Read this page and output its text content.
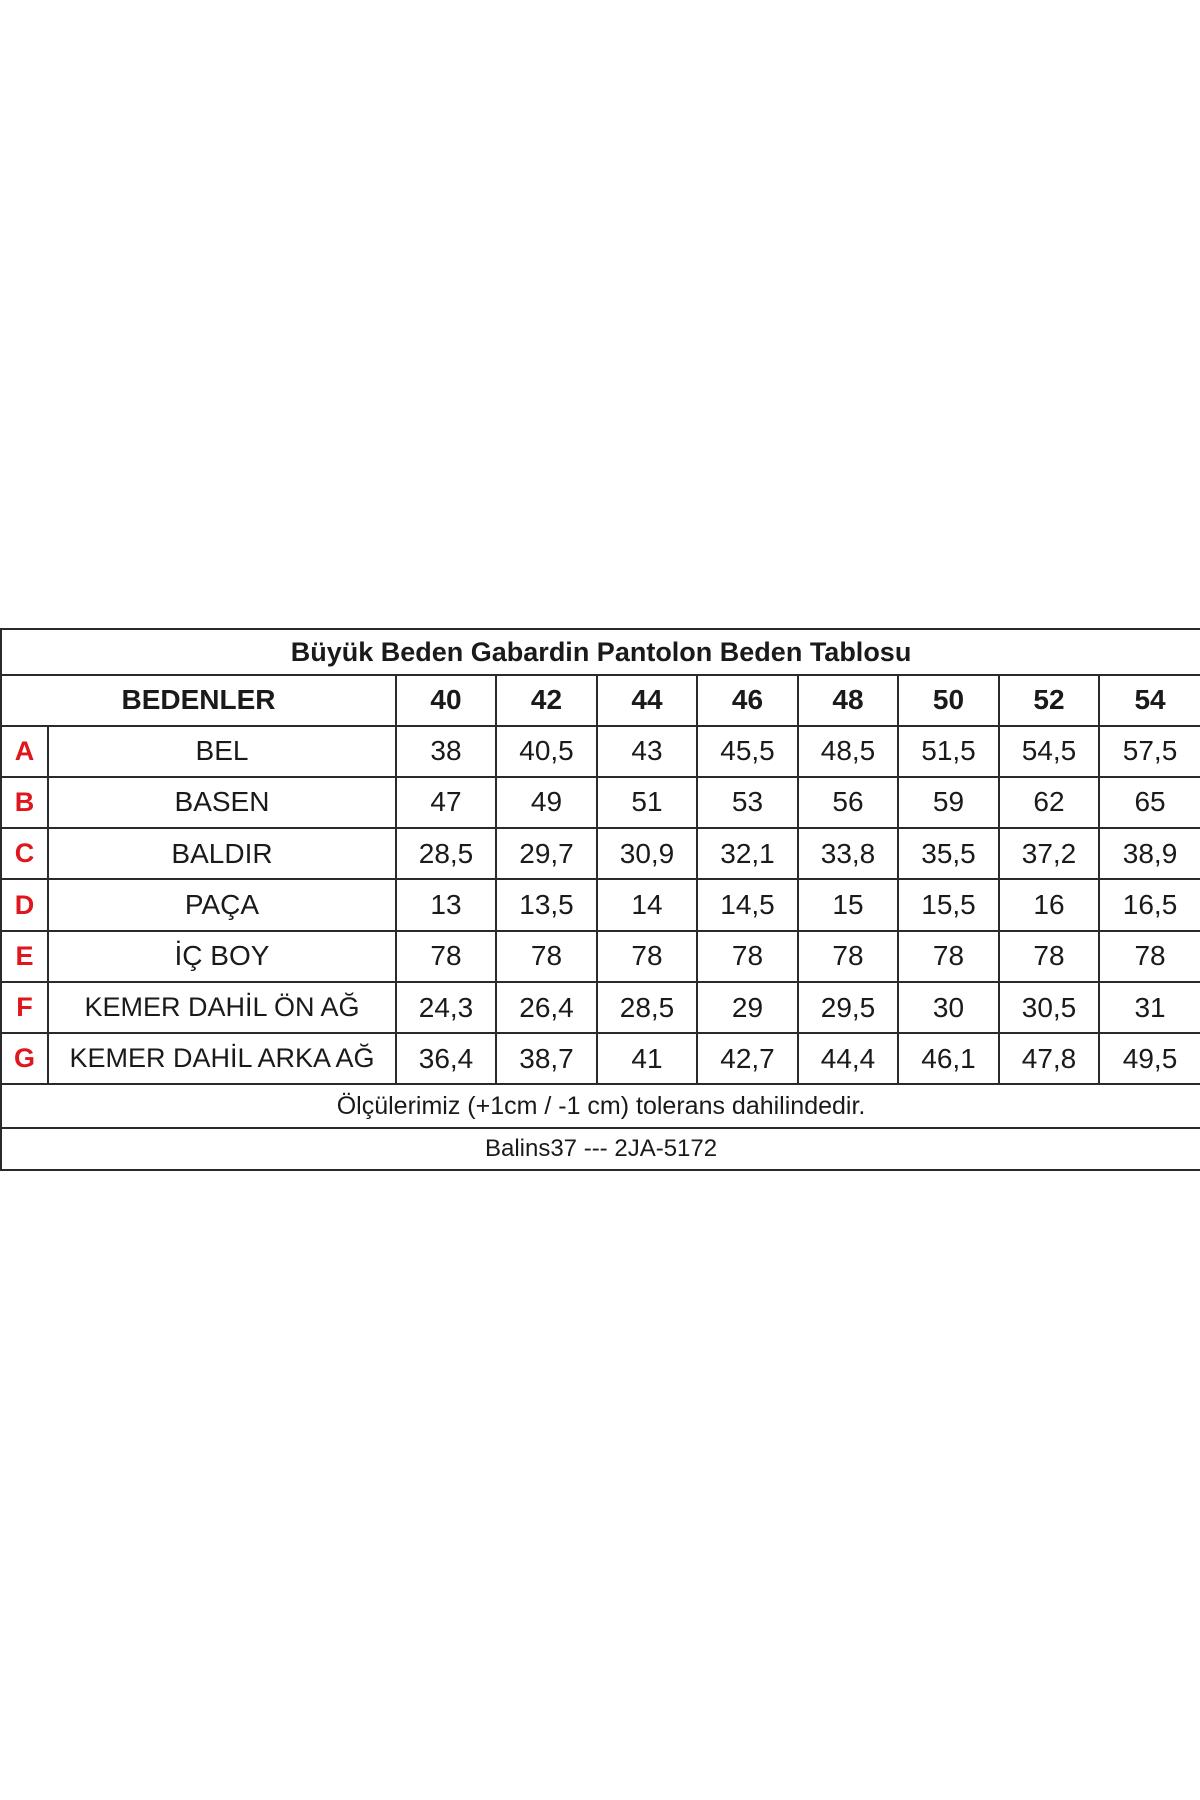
Büyük Beden Gabardin Pantolon Beden Tablosu									
BEDENLER		40	42	44	46	48	50	52	54
A	BEL	38	40,5	43	45,5	48,5	51,5	54,5	57,5
B	BASEN	47	49	51	53	56	59	62	65
C	BALDIR	28,5	29,7	30,9	32,1	33,8	35,5	37,2	38,9
D	PAÇA	13	13,5	14	14,5	15	15,5	16	16,5
E	İÇ BOY	78	78	78	78	78	78	78	78
F	KEMER DAHİL ÖN AĞ	24,3	26,4	28,5	29	29,5	30	30,5	31
G	KEMER DAHİL ARKA AĞ	36,4	38,7	41	42,7	44,4	46,1	47,8	49,5
Ölçülerimiz (+1cm / -1 cm) tolerans dahilindedir.									
Balins37 --- 2JA-5172									
